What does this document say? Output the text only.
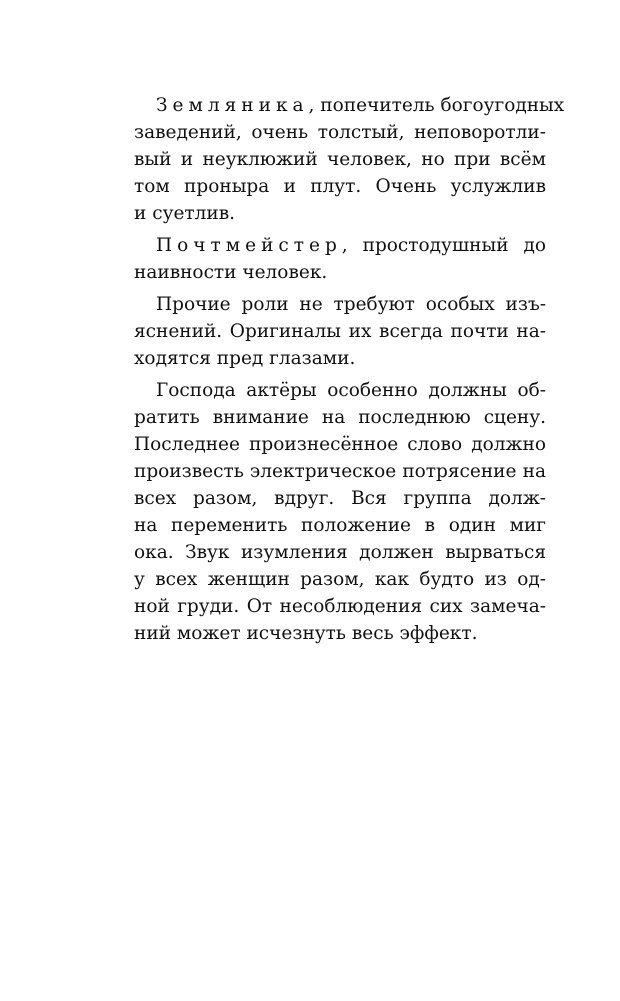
Земляника, попечитель богоугодных
заведений, очень толстый, неповоротли-
вый и неуклюжий человек, но при всём
том проныра и плут. Очень услужлив
и суетлив.
Почтмейстер, простодушный до
наивности человек.
Прочие роли не требуют особых изъ-
яснений. Оригиналы их всегда почти на-
ходятся пред глазами.
Господа актёры особенно должны об-
ратить внимание на последнюю сцену.
Последнее произнесённое слово должно
произвесть электрическое потрясение на
всех разом, вдруг. Вся группа долж-
на переменить положение в один миг
ока. Звук изумления должен вырваться
у всех женщин разом, как будто из од-
ной груди. От несоблюдения сих замеча-
ний может исчезнуть весь эффект.
